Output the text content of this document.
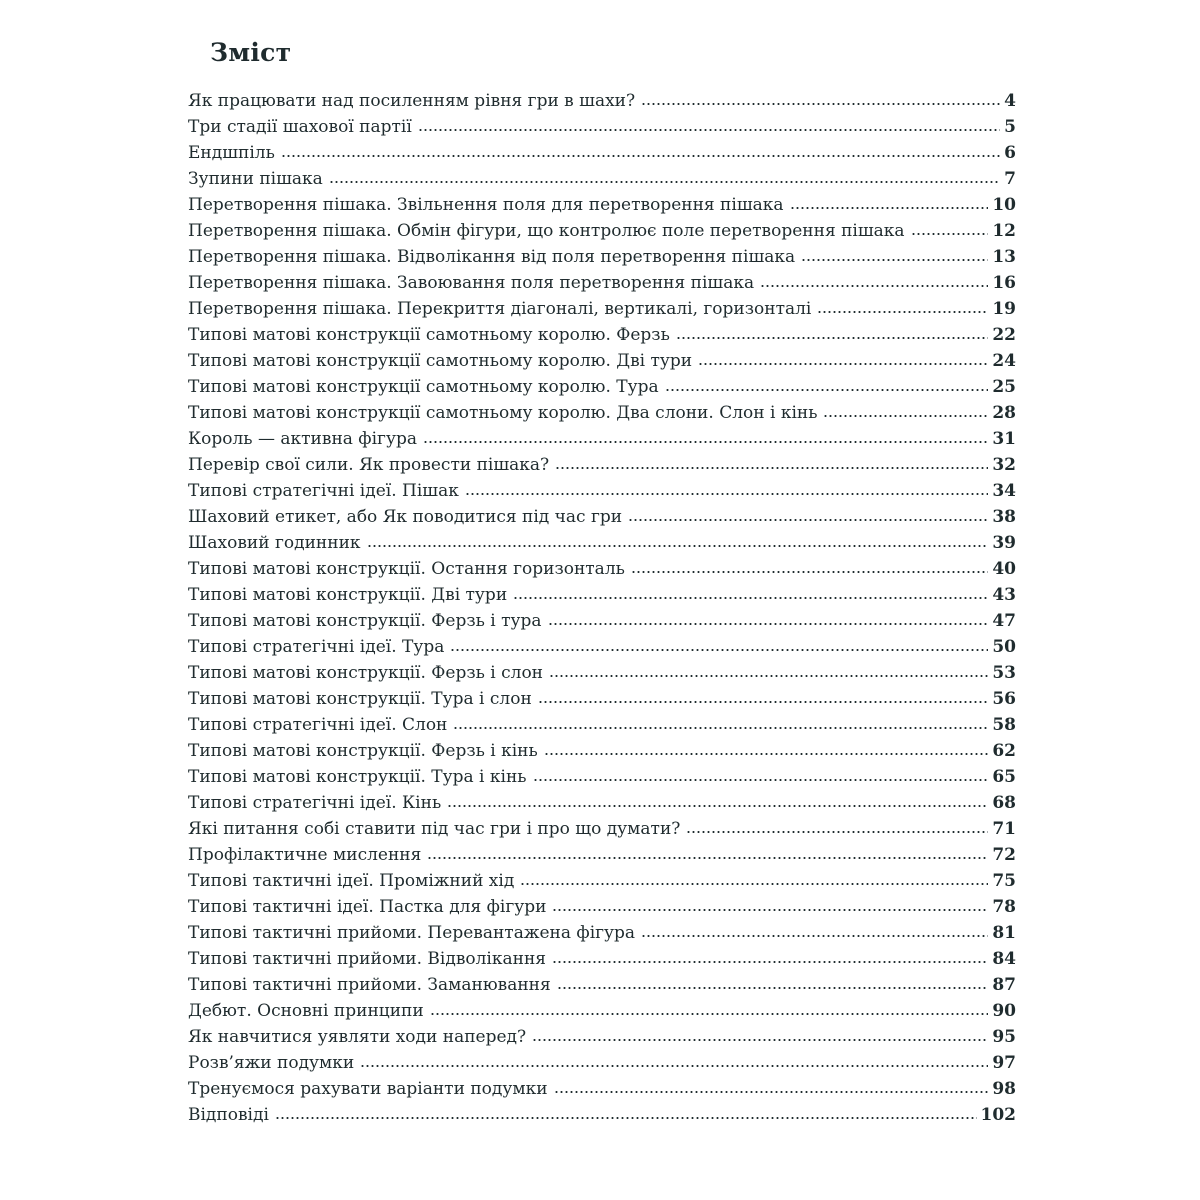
Зміст
Як працювати над посиленням рівня гри в шахи?	4
Три стадії шахової партії	5
Ендшпіль	6
Зупини пішака	7
Перетворення пішака. Звільнення поля для перетворення пішака	10
Перетворення пішака. Обмін фігури, що контролює поле перетворення пішака	12
Перетворення пішака. Відволікання від поля перетворення пішака	13
Перетворення пішака. Завоювання поля перетворення пішака	16
Перетворення пішака. Перекриття діагоналі, вертикалі, горизонталі	19
Типові матові конструкції самотньому королю. Ферзь	22
Типові матові конструкції самотньому королю. Дві тури	24
Типові матові конструкції самотньому королю. Тура	25
Типові матові конструкції самотньому королю. Два слони. Слон і кінь	28
Король — активна фігура	31
Перевір свої сили. Як провести пішака?	32
Типові стратегічні ідеї. Пішак	34
Шаховий етикет, або Як поводитися під час гри	38
Шаховий годинник	39
Типові матові конструкції. Остання горизонталь	40
Типові матові конструкції. Дві тури	43
Типові матові конструкції. Ферзь і тура	47
Типові стратегічні ідеї. Тура	50
Типові матові конструкції. Ферзь і слон	53
Типові матові конструкції. Тура і слон	56
Типові стратегічні ідеї. Слон	58
Типові матові конструкції. Ферзь і кінь	62
Типові матові конструкції. Тура і кінь	65
Типові стратегічні ідеї. Кінь	68
Які питання собі ставити під час гри і про що думати?	71
Профілактичне мислення	72
Типові тактичні ідеї. Проміжний хід	75
Типові тактичні ідеї. Пастка для фігури	78
Типові тактичні прийоми. Перевантажена фігура	81
Типові тактичні прийоми. Відволікання	84
Типові тактичні прийоми. Заманювання	87
Дебют. Основні принципи	90
Як навчитися уявляти ходи наперед?	95
Розв’яжи подумки	97
Тренуємося рахувати варіанти подумки	98
Відповіді	102
